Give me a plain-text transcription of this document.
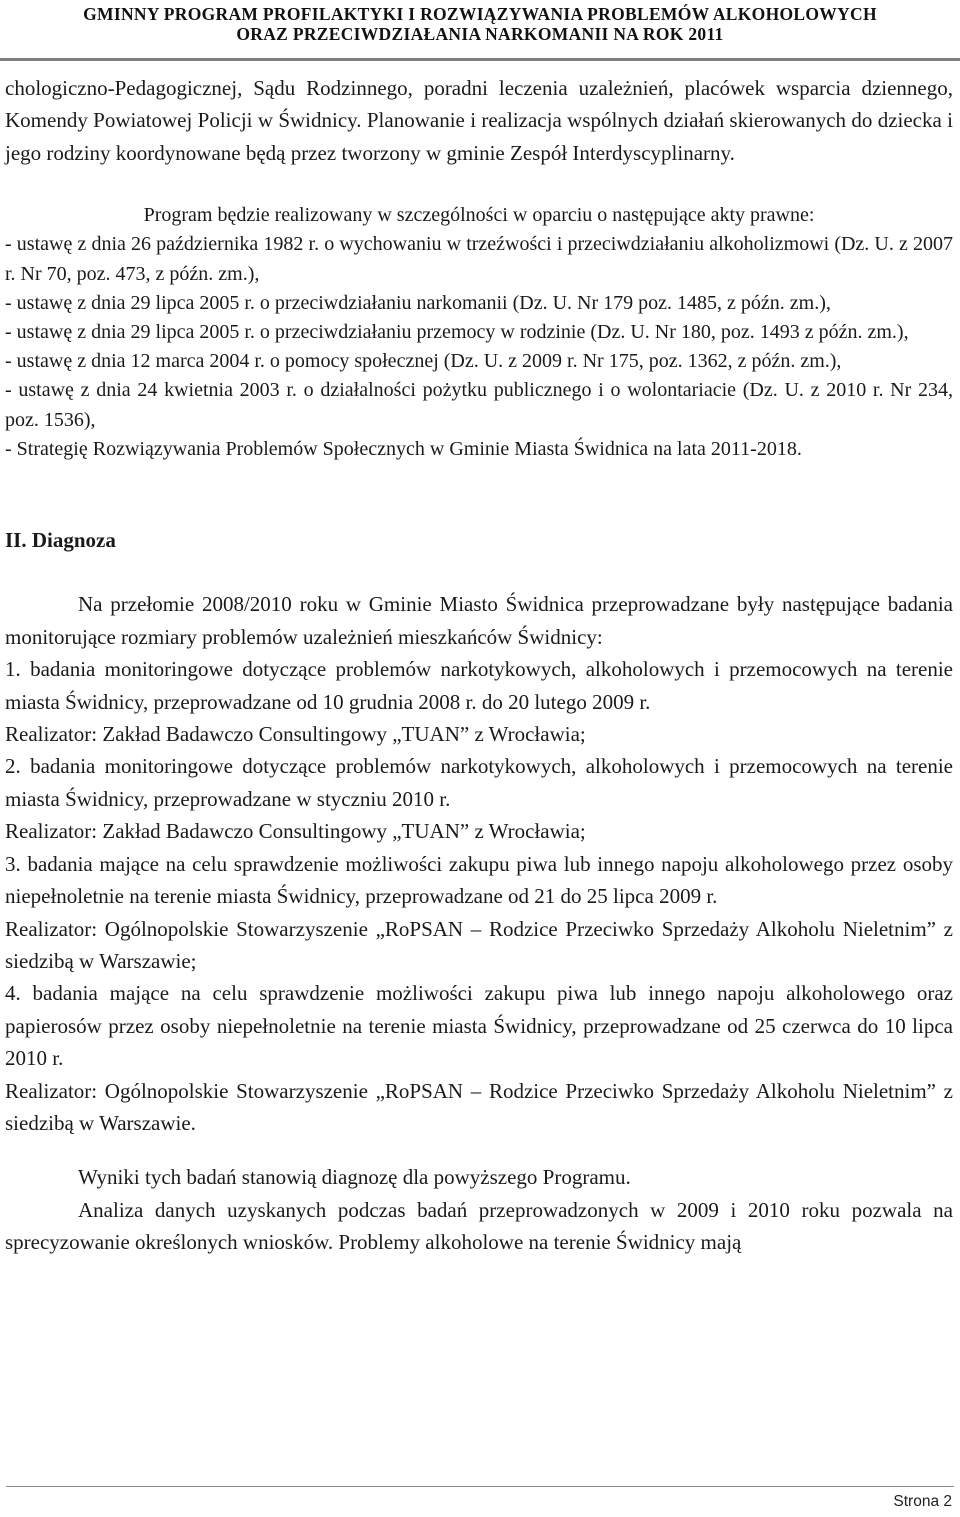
GMINNY PROGRAM PROFILAKTYKI I ROZWIĄZYWANIA PROBLEMÓW ALKOHOLOWYCH
ORAZ PRZECIWDZIAŁANIA NARKOMANII NA ROK 2011

chologiczno-Pedagogicznej, Sądu Rodzinnego, poradni leczenia uzależnień, placówek wsparcia dziennego, Komendy Powiatowej Policji w Świdnicy. Planowanie i realizacja wspólnych działań skierowanych do dziecka i jego rodziny koordynowane będą przez tworzony w gminie Zespół Interdyscyplinarny.

Program będzie realizowany w szczególności w oparciu o następujące akty prawne:

- ustawę z dnia 26 października 1982 r. o wychowaniu w trzeźwości i przeciwdziałaniu alkoholizmowi (Dz. U. z 2007 r. Nr 70, poz. 473, z późn. zm.),

- ustawę z dnia 29 lipca 2005 r. o przeciwdziałaniu narkomanii (Dz. U. Nr 179 poz. 1485, z późn. zm.),

- ustawę z dnia 29 lipca 2005 r. o przeciwdziałaniu przemocy w rodzinie (Dz. U. Nr 180, poz. 1493 z późn. zm.),

- ustawę z dnia 12 marca 2004 r. o pomocy społecznej (Dz. U. z 2009 r. Nr 175, poz. 1362, z późn. zm.),

- ustawę z dnia 24 kwietnia 2003 r. o działalności pożytku publicznego i o wolontariacie (Dz. U. z 2010 r. Nr 234, poz. 1536),

- Strategię Rozwiązywania Problemów Społecznych w Gminie Miasta Świdnica na lata 2011-2018.

II. Diagnoza

Na przełomie 2008/2010 roku w Gminie Miasto Świdnica przeprowadzane były następujące badania monitorujące rozmiary problemów uzależnień mieszkańców Świdnicy:

1. badania monitoringowe dotyczące problemów narkotykowych, alkoholowych i przemocowych na terenie miasta Świdnicy, przeprowadzane od 10 grudnia 2008 r. do 20 lutego 2009 r.

Realizator: Zakład Badawczo Consultingowy „TUAN” z Wrocławia;

2. badania monitoringowe dotyczące problemów narkotykowych, alkoholowych i przemocowych na terenie miasta Świdnicy, przeprowadzane w styczniu 2010 r.

Realizator: Zakład Badawczo Consultingowy „TUAN” z Wrocławia;

3. badania mające na celu sprawdzenie możliwości zakupu piwa lub innego napoju alkoholowego przez osoby niepełnoletnie na terenie miasta Świdnicy, przeprowadzane od 21 do 25 lipca 2009 r.

Realizator: Ogólnopolskie Stowarzyszenie „RoPSAN – Rodzice Przeciwko Sprzedaży Alkoholu Nieletnim” z siedzibą w Warszawie;

4. badania mające na celu sprawdzenie możliwości zakupu piwa lub innego napoju alkoholowego oraz papierosów przez osoby niepełnoletnie na terenie miasta Świdnicy, przeprowadzane od 25 czerwca do 10 lipca 2010 r.

Realizator: Ogólnopolskie Stowarzyszenie „RoPSAN – Rodzice Przeciwko Sprzedaży Alkoholu Nieletnim” z siedzibą w Warszawie.

Wyniki tych badań stanowią diagnozę dla powyższego Programu.

Analiza danych uzyskanych podczas badań przeprowadzonych w 2009 i 2010 roku pozwala na sprecyzowanie określonych wniosków. Problemy alkoholowe na terenie Świdnicy mają

Strona 2
